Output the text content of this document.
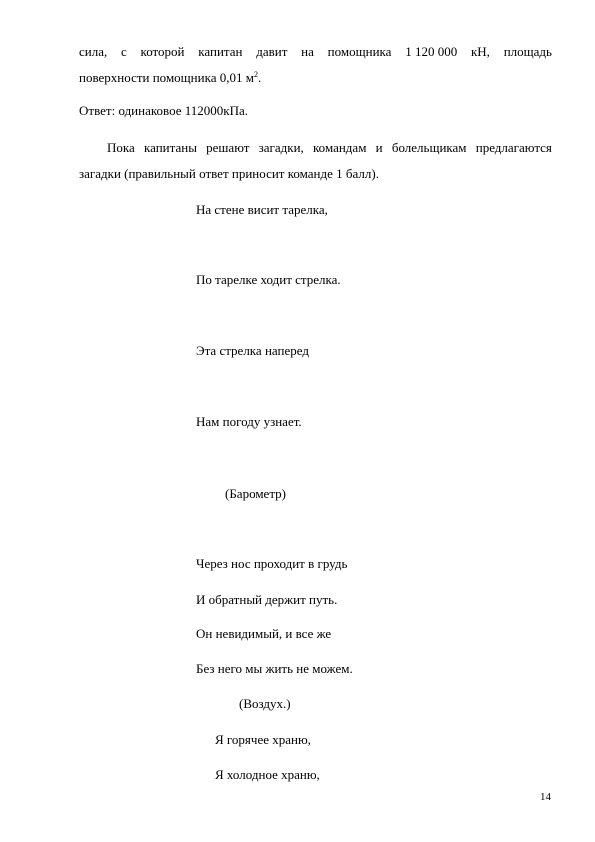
сила, с которой капитан давит на помощника 1 120 000 кН, площадь
поверхности помощника 0,01 $м^2$.
Ответ: одинаковое 112000кПа.
Пока капитаны решают загадки, командам и болельщикам предлагаются
загадки (правильный ответ приносит команде 1 балл).
На стене висит тарелка,
По тарелке ходит стрелка.
Эта стрелка наперед
Нам погоду узнает.
(Барометр)
Через нос проходит в грудь
И обратный держит путь.
Он невидимый, и все же
Без него мы жить не можем.
(Воздух.)
Я горячее храню,
Я холодное храню,
14
